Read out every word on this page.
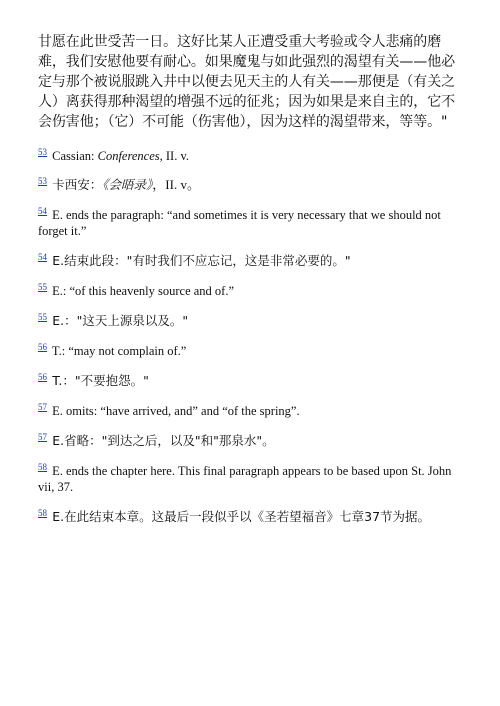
甘愿在此世受苦一日。这好比某人正遭受重大考验或令人悲痛的磨难，我们安慰他要有耐心。如果魔鬼与如此强烈的渴望有关——他必定与那个被说服跳入井中以便去见天主的人有关——那便是（有关之人）离获得那种渴望的增强不远的征兆；因为如果是来自主的，它不会伤害他；（它）不可能（伤害他），因为这样的渴望带来，等等。"

$^{53}$ Cassian: Conferences, II. v.

$^{53}$ 卡西安：《会晤录》，II. v。

$^{54}$ E. ends the paragraph: “and sometimes it is very necessary that we should not forget it.”

$^{54}$ E.结束此段："有时我们不应忘记，这是非常必要的。"

$^{55}$ E.: “of this heavenly source and of.”

$^{55}$ E.："这天上源泉以及。"

$^{56}$ T.: “may not complain of.”

$^{56}$ T.："不要抱怨。"

$^{57}$ E. omits: “have arrived, and” and “of the spring”.

$^{57}$ E.省略："到达之后，以及"和"那泉水"。

$^{58}$ E. ends the chapter here. This final paragraph appears to be based upon St. John vii, 37.

$^{58}$ E.在此结束本章。这最后一段似乎以《圣若望福音》七章37节为据。
